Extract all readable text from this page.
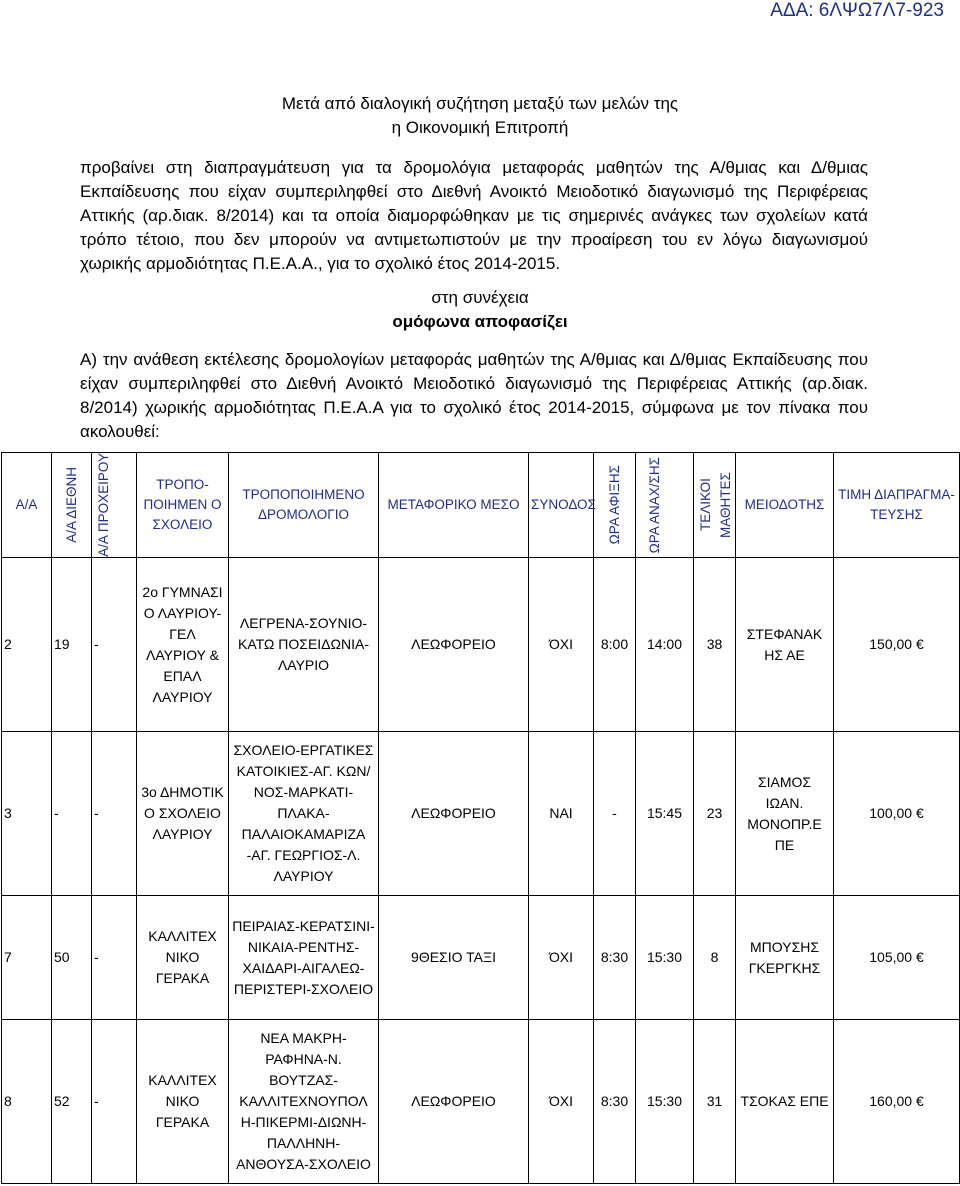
ΑΔΑ: 6ΛΨΩ7Λ7-923
Μετά από διαλογική συζήτηση μεταξύ των μελών της
η Οικονομική Επιτροπή
προβαίνει στη διαπραγμάτευση για τα δρομολόγια μεταφοράς μαθητών της Α/θμιας και Δ/θμιας Εκπαίδευσης που είχαν συμπεριληφθεί στο Διεθνή Ανοικτό Μειοδοτικό διαγωνισμό της Περιφέρειας Αττικής (αρ.διακ. 8/2014) και τα οποία διαμορφώθηκαν με τις σημερινές ανάγκες των σχολείων κατά τρόπο τέτοιο, που δεν μπορούν να αντιμετωπιστούν με την προαίρεση του εν λόγω διαγωνισμού χωρικής αρμοδιότητας Π.Ε.Α.Α., για το σχολικό έτος 2014-2015.
στη συνέχεια
ομόφωνα αποφασίζει
Α) την ανάθεση εκτέλεσης δρομολογίων μεταφοράς μαθητών της Α/θμιας και Δ/θμιας Εκπαίδευσης που είχαν συμπεριληφθεί στο Διεθνή Ανοικτό Μειοδοτικό διαγωνισμό της Περιφέρειας Αττικής (αρ.διακ. 8/2014) χωρικής αρμοδιότητας Π.Ε.Α.Α για το σχολικό έτος 2014-2015, σύμφωνα με τον πίνακα που ακολουθεί:
Α/Α	Α/Α ΔΙΕΘΝΗ	Α/Α ΠΡΟΧΕΙΡΟΥ	ΤΡΟΠΟ-ΠΟΙΗΜΕΝ Ο ΣΧΟΛΕΙΟ	ΤΡΟΠΟΠΟΙΗΜΕΝΟ ΔΡΟΜΟΛΟΓΙΟ	ΜΕΤΑΦΟΡΙΚΟ ΜΕΣΟ	ΣΥΝΟΔΟΣ	ΩΡΑ ΑΦΙΞΗΣ	ΩΡΑ ΑΝΑΧ/ΣΗΣ	ΤΕΛΙΚΟΙ ΜΑΘΗΤΕΣ	ΜΕΙΟΔΟΤΗΣ	ΤΙΜΗ ΔΙΑΠΡΑΓΜΑ-ΤΕΥΣΗΣ
2	19	-	2ο ΓΥΜΝΑΣΙ Ο ΛΑΥΡΙΟΥ-ΓΕΛ ΛΑΥΡΙΟΥ & ΕΠΑΛ ΛΑΥΡΙΟΥ	ΛΕΓΡΕΝΑ-ΣΟΥΝΙΟ-ΚΑΤΩ ΠΟΣΕΙΔΩΝΙΑ-ΛΑΥΡΙΟ	ΛΕΩΦΟΡΕΙΟ	ΌΧΙ	8:00	14:00	38	ΣΤΕΦΑΝΑΚ ΗΣ ΑΕ	150,00 €
3	-	-	3ο ΔΗΜΟΤΙΚ Ο ΣΧΟΛΕΙΟ ΛΑΥΡΙΟΥ	ΣΧΟΛΕΙΟ-ΕΡΓΑΤΙΚΕΣ ΚΑΤΟΙΚΙΕΣ-ΑΓ. ΚΩΝ/ΝΟΣ-ΜΑΡΚΑΤΙ-ΠΛΑΚΑ-ΠΑΛΑΙΟΚΑΜΑΡΙΖΑ -ΑΓ. ΓΕΩΡΓΙΟΣ-Λ. ΛΑΥΡΙΟΥ	ΛΕΩΦΟΡΕΙΟ	ΝΑΙ	-	15:45	23	ΣΙΑΜΟΣ ΙΩΑΝ. ΜΟΝΟΠΡ.Ε ΠΕ	100,00 €
7	50	-	ΚΑΛΛΙΤΕΧ ΝΙΚΟ ΓΕΡΑΚΑ	ΠΕΙΡΑΙΑΣ-ΚΕΡΑΤΣΙΝΙ-ΝΙΚΑΙΑ-ΡΕΝΤΗΣ-ΧΑΙΔΑΡΙ-ΑΙΓΑΛΕΩ-ΠΕΡΙΣΤΕΡΙ-ΣΧΟΛΕΙΟ	9ΘΕΣΙΟ ΤΑΞΙ	ΌΧΙ	8:30	15:30	8	ΜΠΟΥΣΗΣ ΓΚΕΡΓΚΗΣ	105,00 €
8	52	-	ΚΑΛΛΙΤΕΧ ΝΙΚΟ ΓΕΡΑΚΑ	ΝΕΑ ΜΑΚΡΗ-ΡΑΦΗΝΑ-Ν. ΒΟΥΤΖΑΣ-ΚΑΛΛΙΤΕΧΝΟΥΠΟΛ Η-ΠΙΚΕΡΜΙ-ΔΙΩΝΗ-ΠΑΛΛΗΝΗ-ΑΝΘΟΥΣΑ-ΣΧΟΛΕΙΟ	ΛΕΩΦΟΡΕΙΟ	ΌΧΙ	8:30	15:30	31	ΤΣΟΚΑΣ ΕΠΕ	160,00 €
